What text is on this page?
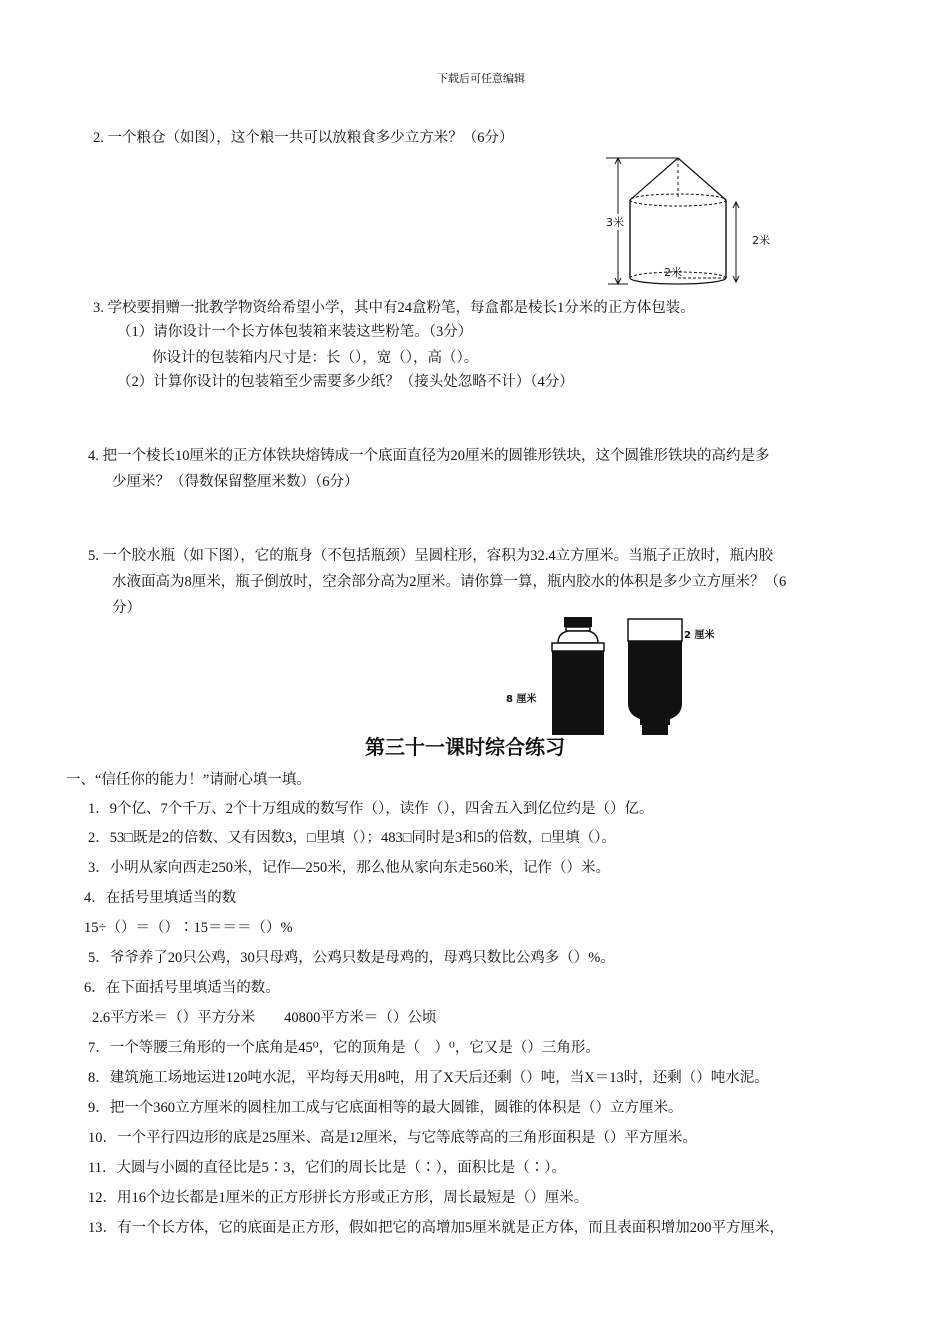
下载后可任意编辑
2. 一个粮仓（如图），这个粮一共可以放粮食多少立方米？（6分）
3米
2米
2米
3. 学校要捐赠一批教学物资给希望小学，其中有24盒粉笔，每盒都是棱长1分米的正方体包装。
（1）请你设计一个长方体包装箱来装这些粉笔。（3分）
你设计的包装箱内尺寸是：长（），宽（），高（）。
（2）计算你设计的包装箱至少需要多少纸？（接头处忽略不计）（4分）
4. 把一个棱长10厘米的正方体铁块熔铸成一个底面直径为20厘米的圆锥形铁块，这个圆锥形铁块的高约是多
少厘米？（得数保留整厘米数）（6分）
5. 一个胶水瓶（如下图），它的瓶身（不包括瓶颈）呈圆柱形，容积为32.4立方厘米。当瓶子正放时，瓶内胶
水液面高为8厘米，瓶子倒放时，空余部分高为2厘米。请你算一算，瓶内胶水的体积是多少立方厘米？（6
分）
8 厘米
2 厘米
第三十一课时综合练习
一、“信任你的能力！”请耐心填一填。
1．9个亿、7个千万、2个十万组成的数写作（），读作（），四舍五入到亿位约是（）亿。
2．53□既是2的倍数、又有因数3，□里填（）；483□同时是3和5的倍数，□里填（）。
3．小明从家向西走250米，记作—250米，那么他从家向东走560米，记作（）米。
4．在括号里填适当的数
15÷（）＝（）∶15＝＝＝（）%
5．爷爷养了20只公鸡，30只母鸡，公鸡只数是母鸡的，母鸡只数比公鸡多（）%。
6．在下面括号里填适当的数。
2.6平方米＝（）平方分米　　40800平方米＝（）公顷
7．一个等腰三角形的一个底角是45⁰，它的顶角是（　）⁰，它又是（）三角形。
8．建筑施工场地运进120吨水泥，平均每天用8吨，用了X天后还剩（）吨，当X＝13时，还剩（）吨水泥。
9．把一个360立方厘米的圆柱加工成与它底面相等的最大圆锥，圆锥的体积是（）立方厘米。
10．一个平行四边形的底是25厘米、高是12厘米，与它等底等高的三角形面积是（）平方厘米。
11．大圆与小圆的直径比是5∶3，它们的周长比是（∶），面积比是（∶）。
12．用16个边长都是1厘米的正方形拼长方形或正方形，周长最短是（）厘米。
13．有一个长方体，它的底面是正方形，假如把它的高增加5厘米就是正方体，而且表面积增加200平方厘米，
